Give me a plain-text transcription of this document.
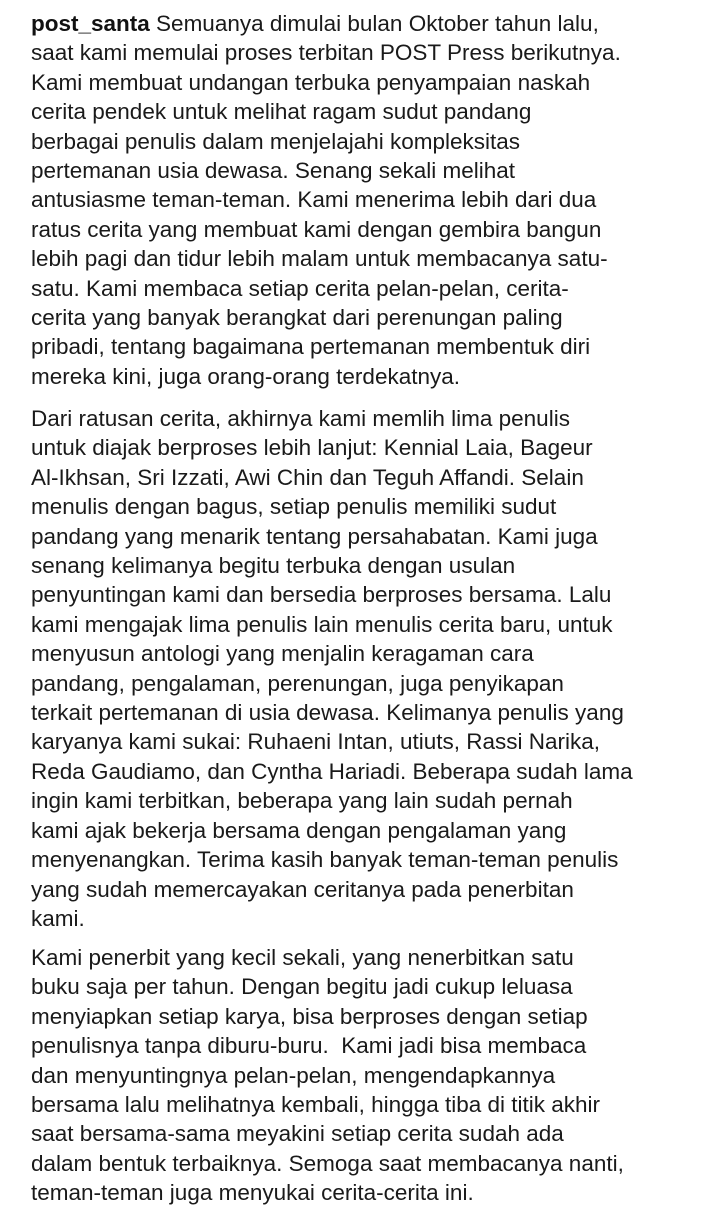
post_santa Semuanya dimulai bulan Oktober tahun lalu,
saat kami memulai proses terbitan POST Press berikutnya.
Kami membuat undangan terbuka penyampaian naskah
cerita pendek untuk melihat ragam sudut pandang
berbagai penulis dalam menjelajahi kompleksitas
pertemanan usia dewasa. Senang sekali melihat
antusiasme teman-teman. Kami menerima lebih dari dua
ratus cerita yang membuat kami dengan gembira bangun
lebih pagi dan tidur lebih malam untuk membacanya satu-
satu. Kami membaca setiap cerita pelan-pelan, cerita-
cerita yang banyak berangkat dari perenungan paling
pribadi, tentang bagaimana pertemanan membentuk diri
mereka kini, juga orang-orang terdekatnya.

Dari ratusan cerita, akhirnya kami memlih lima penulis
untuk diajak berproses lebih lanjut: Kennial Laia, Bageur
Al-Ikhsan, Sri Izzati, Awi Chin dan Teguh Affandi. Selain
menulis dengan bagus, setiap penulis memiliki sudut
pandang yang menarik tentang persahabatan. Kami juga
senang kelimanya begitu terbuka dengan usulan
penyuntingan kami dan bersedia berproses bersama. Lalu
kami mengajak lima penulis lain menulis cerita baru, untuk
menyusun antologi yang menjalin keragaman cara
pandang, pengalaman, perenungan, juga penyikapan
terkait pertemanan di usia dewasa. Kelimanya penulis yang
karyanya kami sukai: Ruhaeni Intan, utiuts, Rassi Narika,
Reda Gaudiamo, dan Cyntha Hariadi. Beberapa sudah lama
ingin kami terbitkan, beberapa yang lain sudah pernah
kami ajak bekerja bersama dengan pengalaman yang
menyenangkan. Terima kasih banyak teman-teman penulis
yang sudah memercayakan ceritanya pada penerbitan
kami.

Kami penerbit yang kecil sekali, yang nenerbitkan satu
buku saja per tahun. Dengan begitu jadi cukup leluasa
menyiapkan setiap karya, bisa berproses dengan setiap
penulisnya tanpa diburu-buru.  Kami jadi bisa membaca
dan menyuntingnya pelan-pelan, mengendapkannya
bersama lalu melihatnya kembali, hingga tiba di titik akhir
saat bersama-sama meyakini setiap cerita sudah ada
dalam bentuk terbaiknya. Semoga saat membacanya nanti,
teman-teman juga menyukai cerita-cerita ini.
